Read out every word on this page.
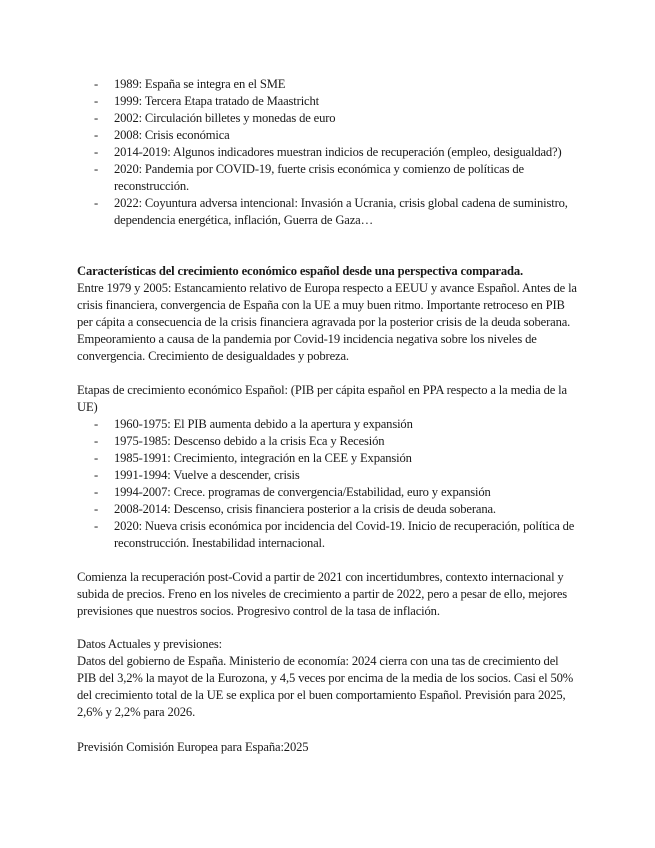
- 1989: España se integra en el SME
- 1999: Tercera Etapa tratado de Maastricht
- 2002: Circulación billetes y monedas de euro
- 2008: Crisis económica
- 2014-2019: Algunos indicadores muestran indicios de recuperación (empleo, desigualdad?)
- 2020: Pandemia por COVID-19, fuerte crisis económica y comienzo de políticas de reconstrucción.
- 2022: Coyuntura adversa intencional: Invasión a Ucrania, crisis global cadena de suministro, dependencia energética, inflación, Guerra de Gaza…

Características del crecimiento económico español desde una perspectiva comparada.

Entre 1979 y 2005: Estancamiento relativo de Europa respecto a EEUU y avance Español. Antes de la crisis financiera, convergencia de España con la UE a muy buen ritmo. Importante retroceso en PIB per cápita a consecuencia de la crisis financiera agravada por la posterior crisis de la deuda soberana. Empeoramiento a causa de la pandemia por Covid-19 incidencia negativa sobre los niveles de convergencia. Crecimiento de desigualdades y pobreza.

Etapas de crecimiento económico Español: (PIB per cápita español en PPA respecto a la media de la UE)

- 1960-1975: El PIB aumenta debido a la apertura y expansión
- 1975-1985: Descenso debido a la crisis Eca y Recesión
- 1985-1991: Crecimiento, integración en la CEE y Expansión
- 1991-1994: Vuelve a descender, crisis
- 1994-2007: Crece. programas de convergencia/Estabilidad, euro y expansión
- 2008-2014: Descenso, crisis financiera posterior a la crisis de deuda soberana.
- 2020: Nueva crisis económica por incidencia del Covid-19. Inicio de recuperación, política de reconstrucción. Inestabilidad internacional.

Comienza la recuperación post-Covid a partir de 2021 con incertidumbres, contexto internacional y subida de precios. Freno en los niveles de crecimiento a partir de 2022, pero a pesar de ello, mejores previsiones que nuestros socios. Progresivo control de la tasa de inflación.

Datos Actuales y previsiones:

Datos del gobierno de España. Ministerio de economía: 2024 cierra con una tas de crecimiento del PIB del 3,2% la mayot de la Eurozona, y 4,5 veces por encima de la media de los socios. Casi el 50% del crecimiento total de la UE se explica por el buen comportamiento Español. Previsión para 2025, 2,6% y 2,2% para 2026.

Previsión Comisión Europea para España:2025
